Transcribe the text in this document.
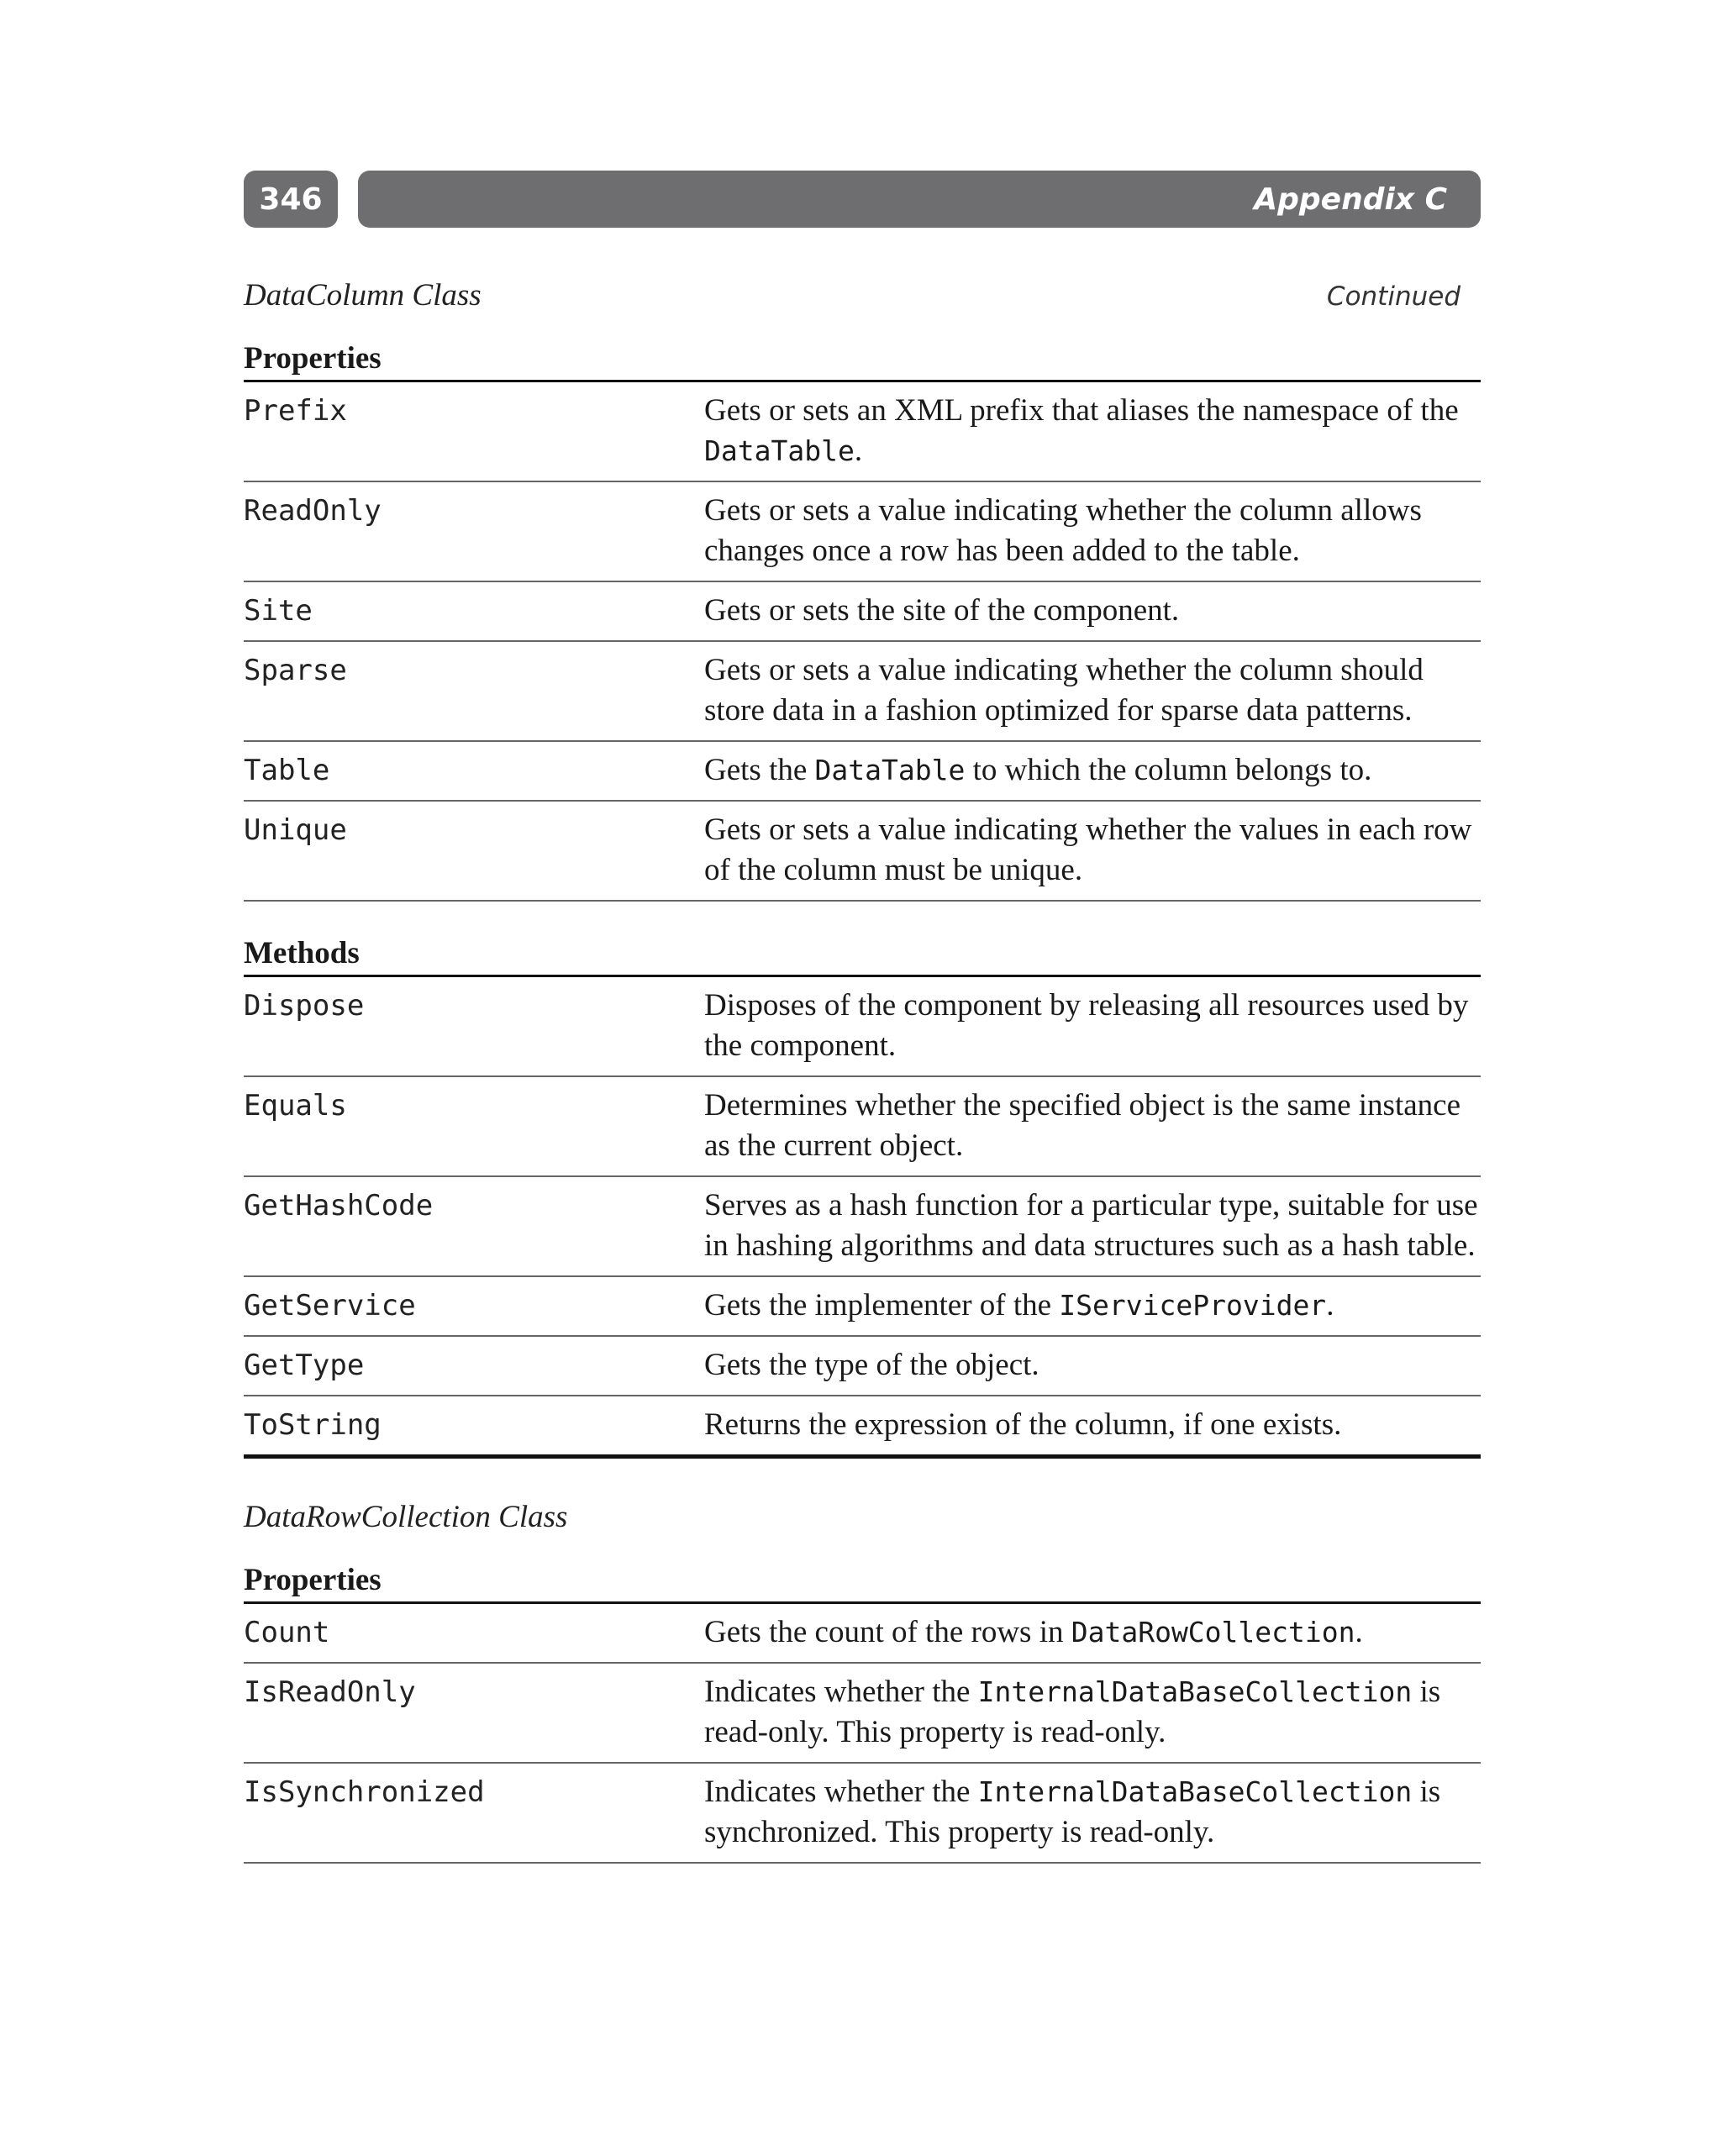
346	Appendix C
DataColumn Class	Continued
Properties
Prefix	Gets or sets an XML prefix that aliases the namespace of the DataTable.
ReadOnly	Gets or sets a value indicating whether the column allows changes once a row has been added to the table.
Site	Gets or sets the site of the component.
Sparse	Gets or sets a value indicating whether the column should store data in a fashion optimized for sparse data patterns.
Table	Gets the DataTable to which the column belongs to.
Unique	Gets or sets a value indicating whether the values in each row of the column must be unique.
Methods
Dispose	Disposes of the component by releasing all resources used by the component.
Equals	Determines whether the specified object is the same instance as the current object.
GetHashCode	Serves as a hash function for a particular type, suitable for use in hashing algorithms and data structures such as a hash table.
GetService	Gets the implementer of the IServiceProvider.
GetType	Gets the type of the object.
ToString	Returns the expression of the column, if one exists.
DataRowCollection Class
Properties
Count	Gets the count of the rows in DataRowCollection.
IsReadOnly	Indicates whether the InternalDataBaseCollection is read-only. This property is read-only.
IsSynchronized	Indicates whether the InternalDataBaseCollection is synchronized. This property is read-only.
